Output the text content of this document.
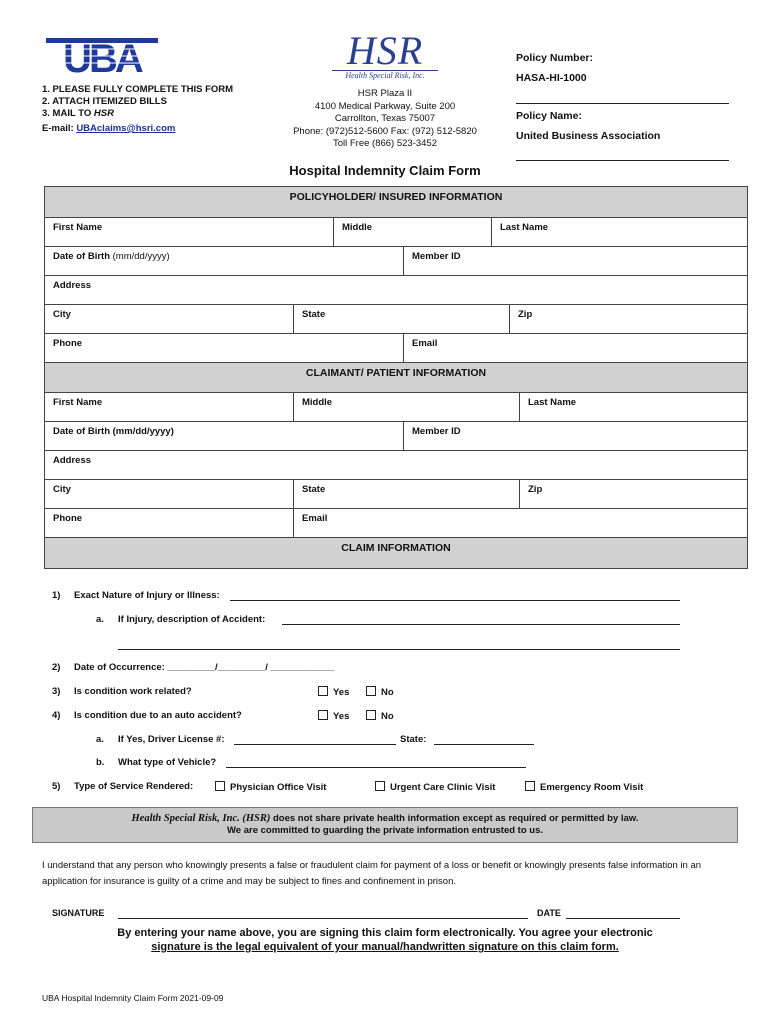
UBA
1. PLEASE FULLY COMPLETE THIS FORM
2. ATTACH ITEMIZED BILLS
3. MAIL TO HSR
E-mail: UBAclaims@hsri.com
HSR
Health Special Risk, Inc.
HSR Plaza II
4100 Medical Parkway, Suite 200
Carrollton, Texas 75007
Phone: (972)512-5600 Fax: (972) 512-5820
Toll Free (866) 523-3452
Policy Number:
HASA-HI-1000
Policy Name:
United Business Association
Hospital Indemnity Claim Form
POLICYHOLDER/ INSURED INFORMATION
First Name	Middle	Last Name
Date of Birth (mm/dd/yyyy)	Member ID
Address
City	State	Zip
Phone	Email
CLAIMANT/ PATIENT INFORMATION
First Name	Middle	Last Name
Date of Birth (mm/dd/yyyy)	Member ID
Address
City	State	Zip
Phone	Email
CLAIM INFORMATION
1) Exact Nature of Injury or Illness:
a. If Injury, description of Accident:
2) Date of Occurrence: _________/_________/ ____________
3) Is condition work related?	Yes	No
4) Is condition due to an auto accident?	Yes	No
a. If Yes, Driver License #:	State:
b. What type of Vehicle?
5) Type of Service Rendered:	Physician Office Visit	Urgent Care Clinic Visit	Emergency Room Visit
Health Special Risk, Inc. (HSR) does not share private health information except as required or permitted by law.
We are committed to guarding the private information entrusted to us.
I understand that any person who knowingly presents a false or fraudulent claim for payment of a loss or benefit or knowingly presents false information in an application for insurance is guilty of a crime and may be subject to fines and confinement in prison.
SIGNATURE	DATE
By entering your name above, you are signing this claim form electronically. You agree your electronic
signature is the legal equivalent of your manual/handwritten signature on this claim form.
UBA Hospital Indemnity Claim Form 2021-09-09
